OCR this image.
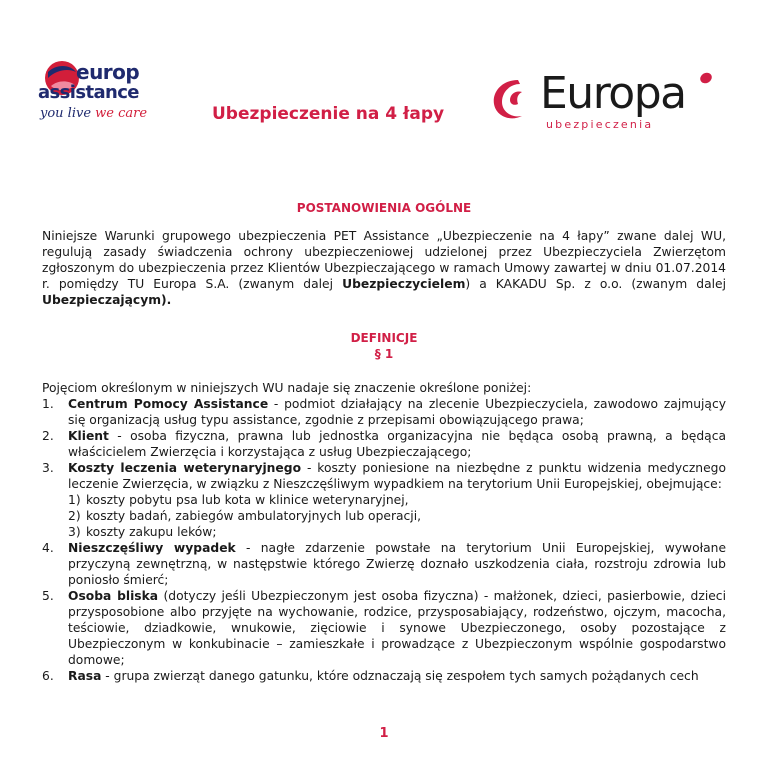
europ
assistance
you live we care	Ubezpieczenie na 4 łapy Europa
ubezpieczenia
POSTANOWIENIA OGÓLNE
Niniejsze Warunki grupowego ubezpieczenia PET Assistance „Ubezpieczenie na 4 łapy” zwane dalej WU, regulują zasady świadczenia ochrony ubezpieczeniowej udzielonej przez Ubezpieczyciela Zwierzętom zgłoszonym do ubezpieczenia przez Klientów Ubezpieczającego w ramach Umowy zawartej w dniu 01.07.2014 r. pomiędzy TU Europa S.A. (zwanym dalej Ubezpieczycielem) a KAKADU Sp. z o.o. (zwanym dalej Ubezpieczającym).
DEFINICJE
§ 1
Pojęciom określonym w niniejszych WU nadaje się znaczenie określone poniżej:
1. Centrum Pomocy Assistance - podmiot działający na zlecenie Ubezpieczyciela, zawodowo zajmujący się organizacją usług typu assistance, zgodnie z przepisami obowiązującego prawa;
2. Klient - osoba fizyczna, prawna lub jednostka organizacyjna nie będąca osobą prawną, a będąca właścicielem Zwierzęcia i korzystająca z usług Ubezpieczającego;
3. Koszty leczenia weterynaryjnego - koszty poniesione na niezbędne z punktu widzenia medycznego leczenie Zwierzęcia, w związku z Nieszczęśliwym wypadkiem na terytorium Unii Europejskiej, obejmujące:
1) koszty pobytu psa lub kota w klinice weterynaryjnej,
2) koszty badań, zabiegów ambulatoryjnych lub operacji,
3) koszty zakupu leków;
4. Nieszczęśliwy wypadek - nagłe zdarzenie powstałe na terytorium Unii Europejskiej, wywołane przyczyną zewnętrzną, w następstwie którego Zwierzę doznało uszkodzenia ciała, rozstroju zdrowia lub poniosło śmierć;
5. Osoba bliska (dotyczy jeśli Ubezpieczonym jest osoba fizyczna) - małżonek, dzieci, pasierbowie, dzieci przysposobione albo przyjęte na wychowanie, rodzice, przysposabiający, rodzeństwo, ojczym, macocha, teściowie, dziadkowie, wnukowie, zięciowie i synowe Ubezpieczonego, osoby pozostające z Ubezpieczonym w konkubinacie – zamieszkałe i prowadzące z Ubezpieczonym wspólnie gospodarstwo domowe;
6. Rasa - grupa zwierząt danego gatunku, które odznaczają się zespołem tych samych pożądanych cech
1
